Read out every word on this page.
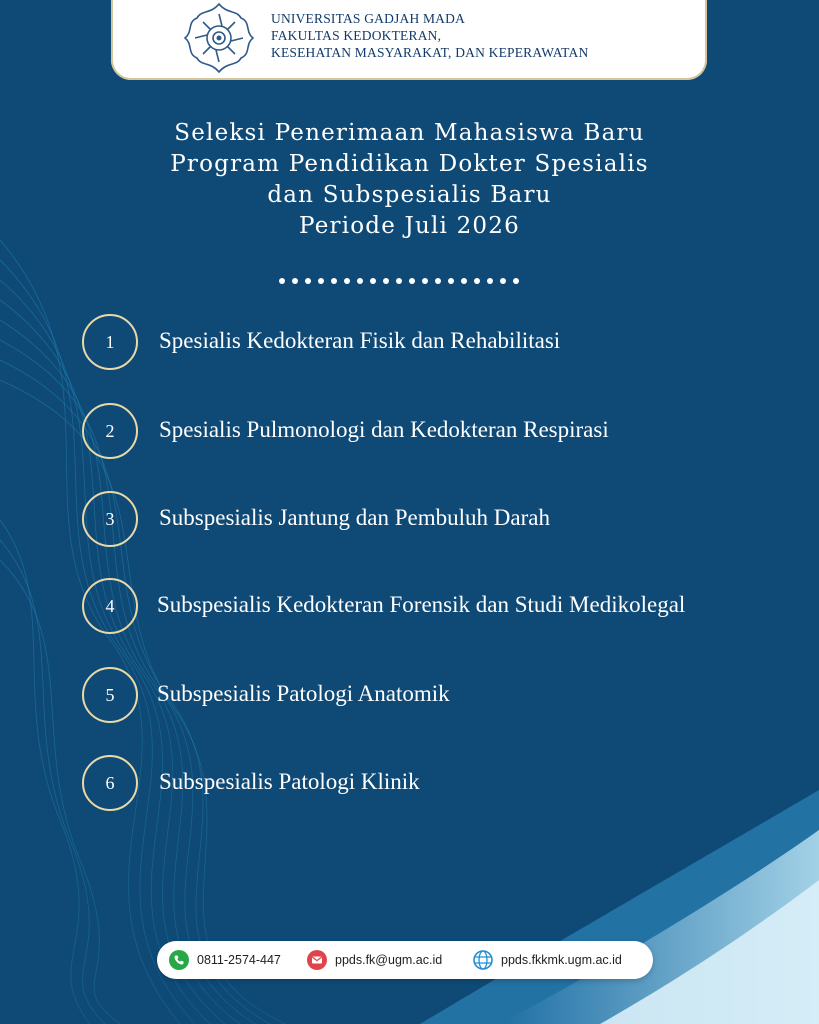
UNIVERSITAS GADJAH MADA
FAKULTAS KEDOKTERAN,
KESEHATAN MASYARAKAT, DAN KEPERAWATAN
Seleksi Penerimaan Mahasiswa Baru
Program Pendidikan Dokter Spesialis
dan Subspesialis Baru
Periode Juli 2026
1	Spesialis Kedokteran Fisik dan Rehabilitasi
2	Spesialis Pulmonologi dan Kedokteran Respirasi
3	Subspesialis Jantung dan Pembuluh Darah
4	Subspesialis Kedokteran Forensik dan Studi Medikolegal
5	Subspesialis Patologi Anatomik
6	Subspesialis Patologi Klinik
0811-2574-447	ppds.fk@ugm.ac.id	ppds.fkkmk.ugm.ac.id
